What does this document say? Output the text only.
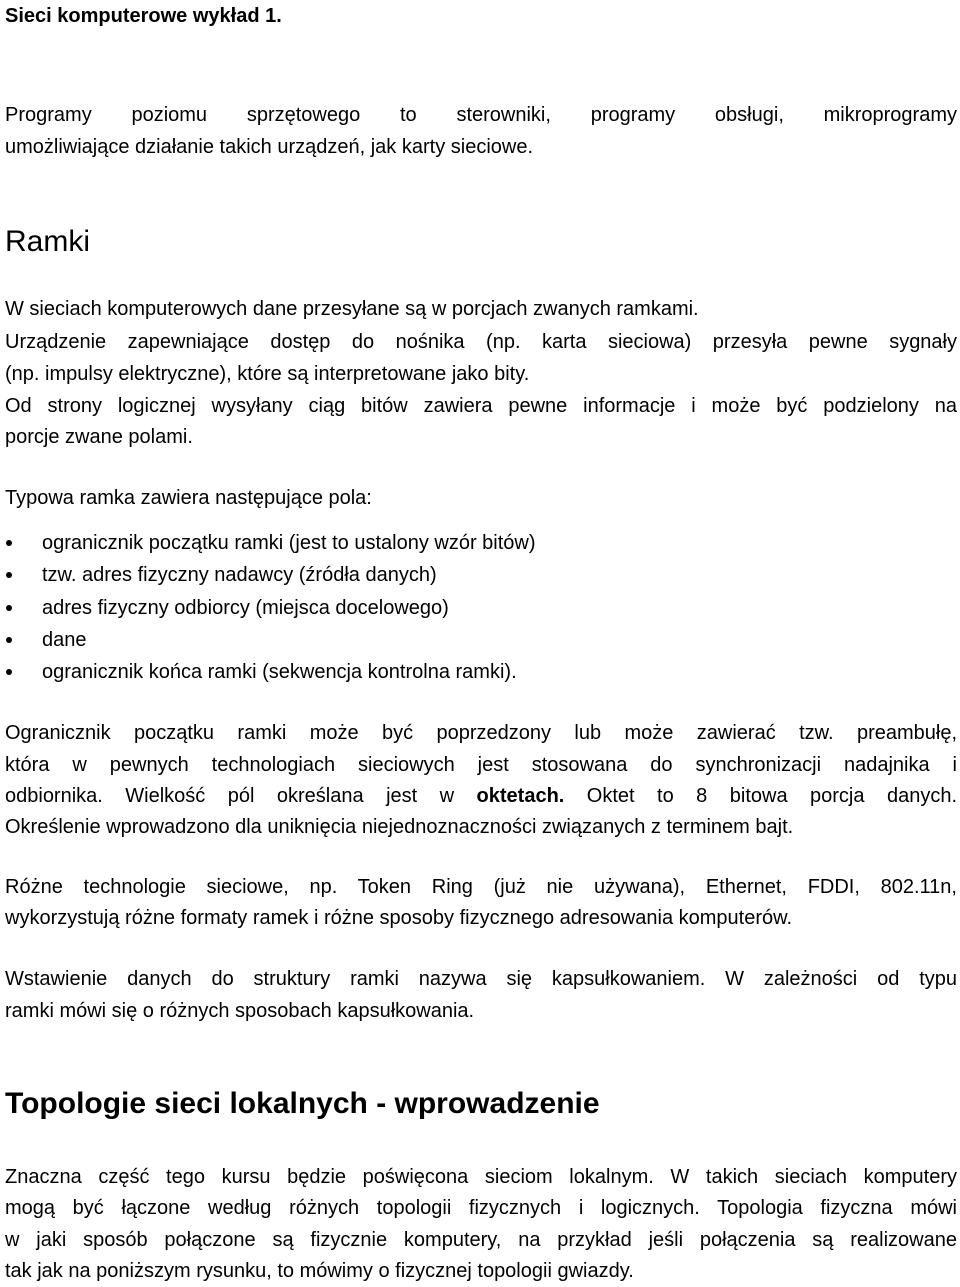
Sieci komputerowe wykład 1.
Programy poziomu sprzętowego to sterowniki, programy obsługi, mikroprogramy
umożliwiające działanie takich urządzeń, jak karty sieciowe.
Ramki
W sieciach komputerowych dane przesyłane są w porcjach zwanych ramkami.
Urządzenie zapewniające dostęp do nośnika (np. karta sieciowa) przesyła pewne sygnały
(np. impulsy elektryczne), które są interpretowane jako bity.
Od strony logicznej wysyłany ciąg bitów zawiera pewne informacje i może być podzielony na
porcje zwane polami.
Typowa ramka zawiera następujące pola:
ogranicznik początku ramki (jest to ustalony wzór bitów)
tzw. adres fizyczny nadawcy (źródła danych)
adres fizyczny odbiorcy (miejsca docelowego)
dane
ogranicznik końca ramki (sekwencja kontrolna ramki).
Ogranicznik początku ramki może być poprzedzony lub może zawierać tzw. preambułę,
która w pewnych technologiach sieciowych jest stosowana do synchronizacji nadajnika i
odbiornika. Wielkość pól określana jest w oktetach. Oktet to 8 bitowa porcja danych.
Określenie wprowadzono dla uniknięcia niejednoznaczności związanych z terminem bajt.
Różne technologie sieciowe, np. Token Ring (już nie używana), Ethernet, FDDI, 802.11n,
wykorzystują różne formaty ramek i różne sposoby fizycznego adresowania komputerów.
Wstawienie danych do struktury ramki nazywa się kapsułkowaniem. W zależności od typu
ramki mówi się o różnych sposobach kapsułkowania.
Topologie sieci lokalnych - wprowadzenie
Znaczna część tego kursu będzie poświęcona sieciom lokalnym. W takich sieciach komputery
mogą być łączone według różnych topologii fizycznych i logicznych. Topologia fizyczna mówi
w jaki sposób połączone są fizycznie komputery, na przykład jeśli połączenia są realizowane
tak jak na poniższym rysunku, to mówimy o fizycznej topologii gwiazdy.
